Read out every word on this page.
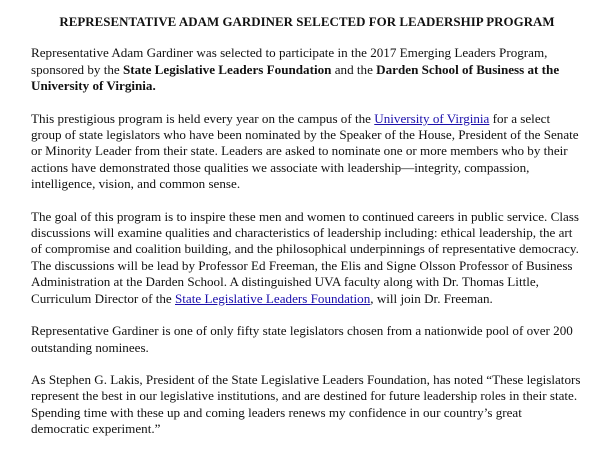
REPRESENTATIVE ADAM GARDINER SELECTED FOR LEADERSHIP PROGRAM

Representative Adam Gardiner was selected to participate in the 2017 Emerging Leaders Program, sponsored by the State Legislative Leaders Foundation and the Darden School of Business at the University of Virginia.

This prestigious program is held every year on the campus of the University of Virginia for a select group of state legislators who have been nominated by the Speaker of the House, President of the Senate or Minority Leader from their state. Leaders are asked to nominate one or more members who by their actions have demonstrated those qualities we associate with leadership—integrity, compassion, intelligence, vision, and common sense.

The goal of this program is to inspire these men and women to continued careers in public service. Class discussions will examine qualities and characteristics of leadership including: ethical leadership, the art of compromise and coalition building, and the philosophical underpinnings of representative democracy. The discussions will be lead by Professor Ed Freeman, the Elis and Signe Olsson Professor of Business Administration at the Darden School. A distinguished UVA faculty along with Dr. Thomas Little, Curriculum Director of the State Legislative Leaders Foundation, will join Dr. Freeman.

Representative Gardiner is one of only fifty state legislators chosen from a nationwide pool of over 200 outstanding nominees.

As Stephen G. Lakis, President of the State Legislative Leaders Foundation, has noted “These legislators represent the best in our legislative institutions, and are destined for future leadership roles in their state. Spending time with these up and coming leaders renews my confidence in our country’s great democratic experiment.”
